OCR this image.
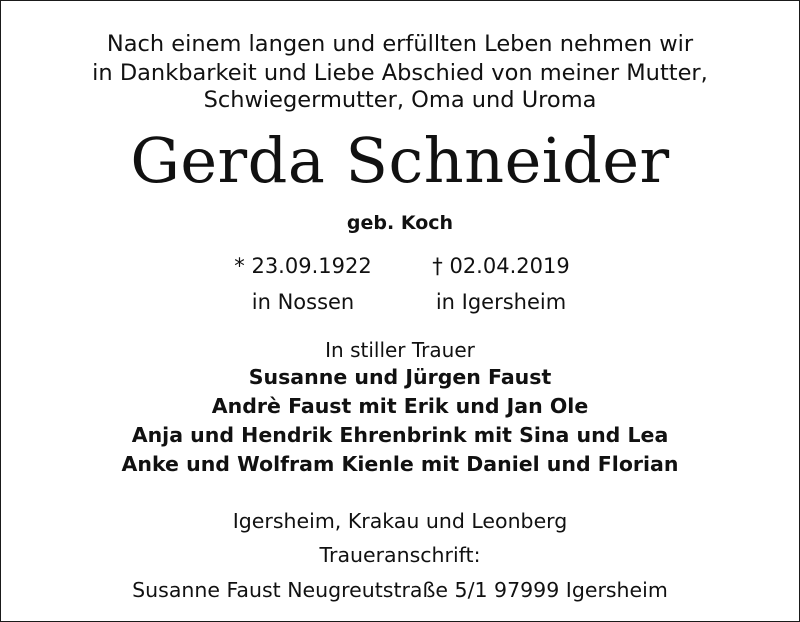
Nach einem langen und erfüllten Leben nehmen wir
in Dankbarkeit und Liebe Abschied von meiner Mutter,
Schwiegermutter, Oma und Uroma
Gerda Schneider
geb. Koch
* 23.09.1922	† 02.04.2019
in Nossen	in Igersheim
In stiller Trauer
Susanne und Jürgen Faust
Andrè Faust mit Erik und Jan Ole
Anja und Hendrik Ehrenbrink mit Sina und Lea
Anke und Wolfram Kienle mit Daniel und Florian
Igersheim, Krakau und Leonberg
Traueranschrift:
Susanne Faust Neugreutstraße 5/1 97999 Igersheim
